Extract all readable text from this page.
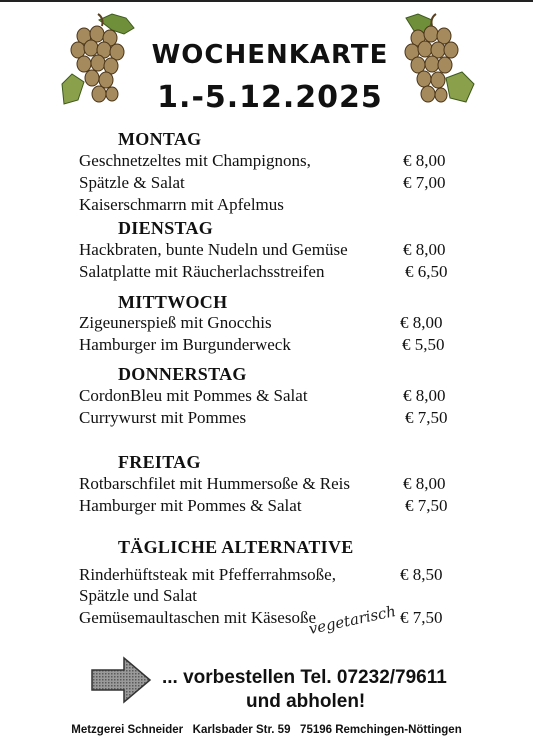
WOCHENKARTE
1.-5.12.2025
MONTAG
Geschnetzeltes mit Champignons,	€ 8,00
Spätzle & Salat	€ 7,00
Kaiserschmarrn mit Apfelmus
DIENSTAG
Hackbraten, bunte Nudeln und Gemüse	€ 8,00
Salatplatte mit Räucherlachsstreifen	€ 6,50
MITTWOCH
Zigeunerspieß mit Gnocchis	€ 8,00
Hamburger im Burgunderweck	€ 5,50
DONNERSTAG
CordonBleu mit Pommes & Salat	€ 8,00
Currywurst mit Pommes	€ 7,50
FREITAG
Rotbarschfilet mit Hummersoße & Reis	€ 8,00
Hamburger mit Pommes & Salat	€ 7,50
TÄGLICHE ALTERNATIVE
Rinderhüftsteak mit Pfefferrahmsoße,	€ 8,50
Spätzle und Salat
Gemüsemaultaschen mit Käsesoße	€ 7,50
vegetarisch
... vorbestellen Tel. 07232/79611
und abholen!
Metzgerei Schneider   Karlsbader Str. 59   75196 Remchingen-Nöttingen
